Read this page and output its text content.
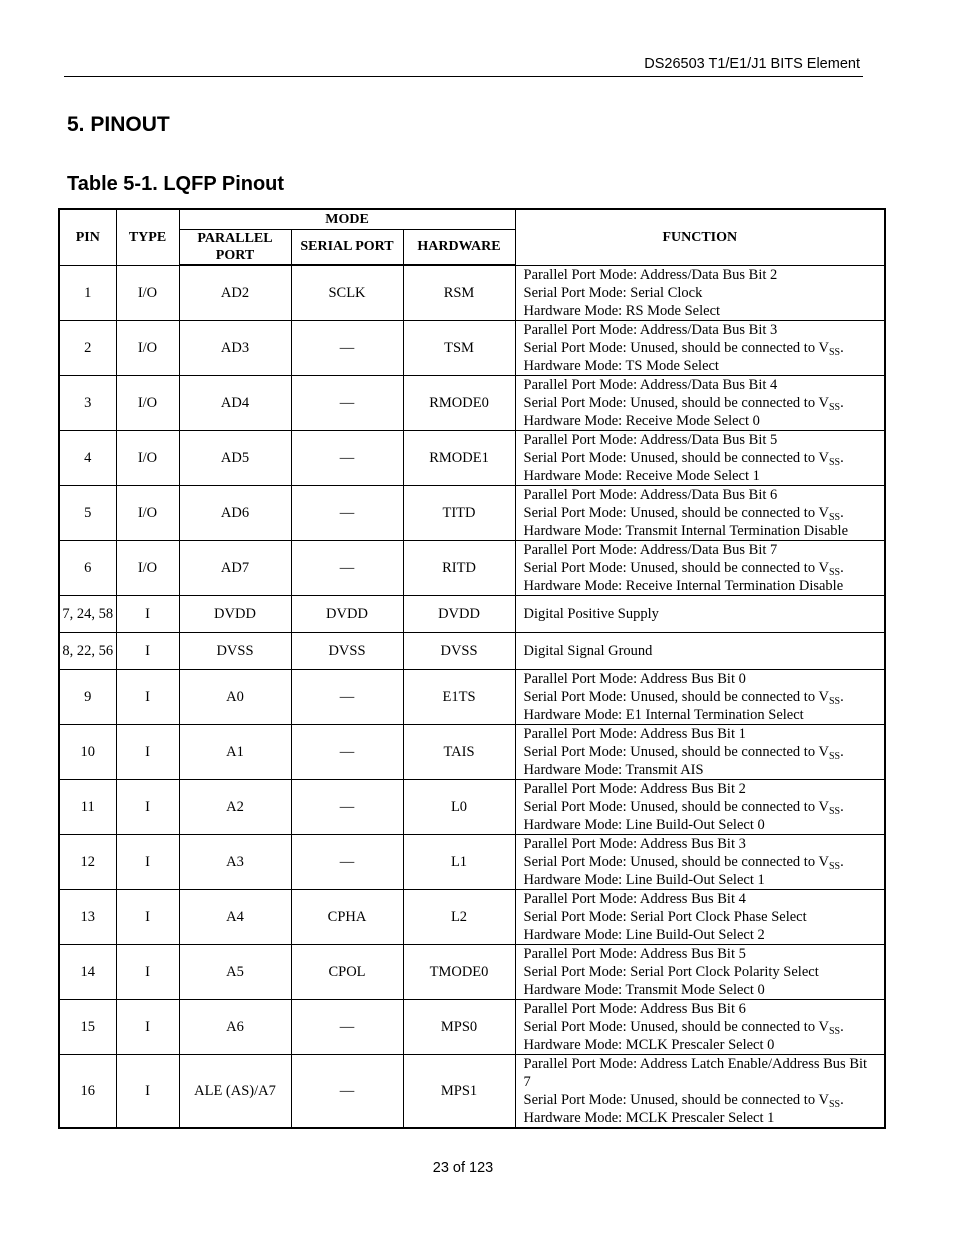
DS26503 T1/E1/J1 BITS Element
5. PINOUT
Table 5-1. LQFP Pinout
PIN	TYPE	MODE			FUNCTION
		PARALLEL PORT	SERIAL PORT	HARDWARE	
1	I/O	AD2	SCLK	RSM	Parallel Port Mode: Address/Data Bus Bit 2
Serial Port Mode: Serial Clock
Hardware Mode: RS Mode Select

2	I/O	AD3	—	TSM	Parallel Port Mode: Address/Data Bus Bit 3
Serial Port Mode: Unused, should be connected to $V_{SS}$.
Hardware Mode: TS Mode Select

3	I/O	AD4	—	RMODE0	Parallel Port Mode: Address/Data Bus Bit 4
Serial Port Mode: Unused, should be connected to $V_{SS}$.
Hardware Mode: Receive Mode Select 0

4	I/O	AD5	—	RMODE1	Parallel Port Mode: Address/Data Bus Bit 5
Serial Port Mode: Unused, should be connected to $V_{SS}$.
Hardware Mode: Receive Mode Select 1

5	I/O	AD6	—	TITD	Parallel Port Mode: Address/Data Bus Bit 6
Serial Port Mode: Unused, should be connected to $V_{SS}$.
Hardware Mode: Transmit Internal Termination Disable

6	I/O	AD7	—	RITD	Parallel Port Mode: Address/Data Bus Bit 7
Serial Port Mode: Unused, should be connected to $V_{SS}$.
Hardware Mode: Receive Internal Termination Disable

7, 24, 58	I	DVDD	DVDD	DVDD	Digital Positive Supply

8, 22, 56	I	DVSS	DVSS	DVSS	Digital Signal Ground

9	I	A0	—	E1TS	Parallel Port Mode: Address Bus Bit 0
Serial Port Mode: Unused, should be connected to $V_{SS}$.
Hardware Mode: E1 Internal Termination Select

10	I	A1	—	TAIS	Parallel Port Mode: Address Bus Bit 1
Serial Port Mode: Unused, should be connected to $V_{SS}$.
Hardware Mode: Transmit AIS

11	I	A2	—	L0	Parallel Port Mode: Address Bus Bit 2
Serial Port Mode: Unused, should be connected to $V_{SS}$.
Hardware Mode: Line Build-Out Select 0

12	I	A3	—	L1	Parallel Port Mode: Address Bus Bit 3
Serial Port Mode: Unused, should be connected to $V_{SS}$.
Hardware Mode: Line Build-Out Select 1

13	I	A4	CPHA	L2	Parallel Port Mode: Address Bus Bit 4
Serial Port Mode: Serial Port Clock Phase Select
Hardware Mode: Line Build-Out Select 2

14	I	A5	CPOL	TMODE0	Parallel Port Mode: Address Bus Bit 5
Serial Port Mode: Serial Port Clock Polarity Select
Hardware Mode: Transmit Mode Select 0

15	I	A6	—	MPS0	Parallel Port Mode: Address Bus Bit 6
Serial Port Mode: Unused, should be connected to $V_{SS}$.
Hardware Mode: MCLK Prescaler Select 0

16	I	ALE (AS)/A7	—	MPS1	Parallel Port Mode: Address Latch Enable/Address Bus Bit 7
Serial Port Mode: Unused, should be connected to $V_{SS}$.
Hardware Mode: MCLK Prescaler Select 1
23 of 123
